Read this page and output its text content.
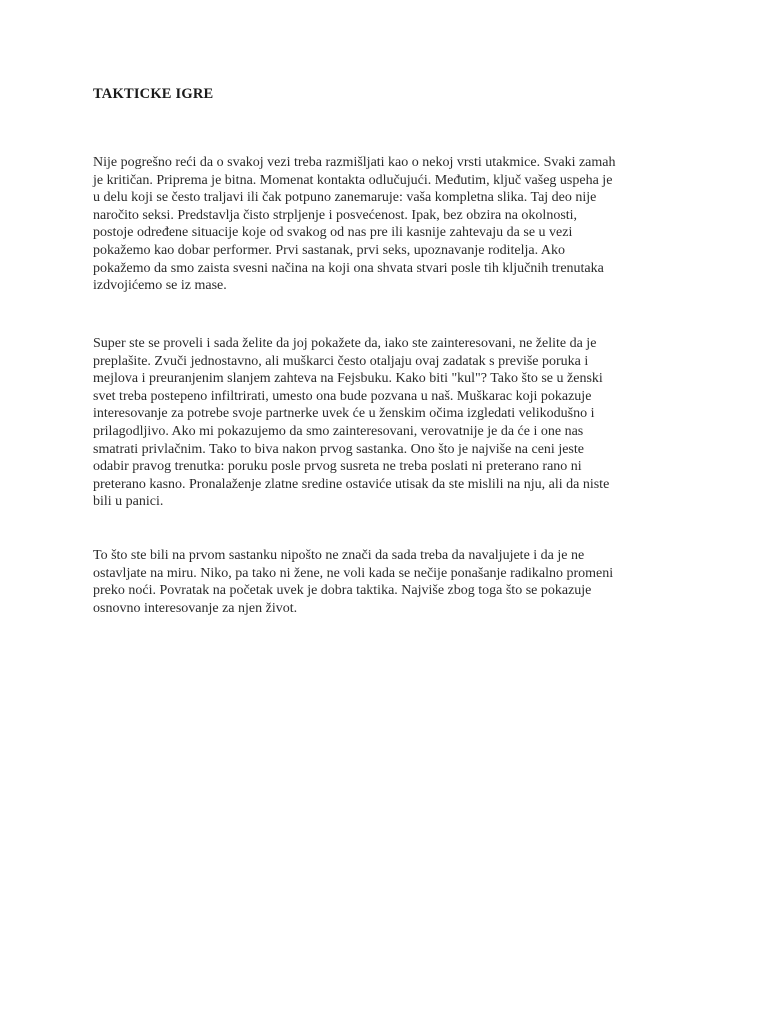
TAKTICKE IGRE

Nije pogrešno reći da o svakoj vezi treba razmišljati kao o nekoj vrsti utakmice. Svaki zamah
je kritičan. Priprema je bitna. Momenat kontakta odlučujući. Međutim, ključ vašeg uspeha je
u delu koji se često traljavi ili čak potpuno zanemaruje: vaša kompletna slika. Taj deo nije
naročito seksi. Predstavlja čisto strpljenje i posvećenost. Ipak, bez obzira na okolnosti,
postoje određene situacije koje od svakog od nas pre ili kasnije zahtevaju da se u vezi
pokažemo kao dobar performer. Prvi sastanak, prvi seks, upoznavanje roditelja. Ako
pokažemo da smo zaista svesni načina na koji ona shvata stvari posle tih ključnih trenutaka
izdvojićemo se iz mase.

Super ste se proveli i sada želite da joj pokažete da, iako ste zainteresovani, ne želite da je
preplašite. Zvuči jednostavno, ali muškarci često otaljaju ovaj zadatak s previše poruka i
mejlova i preuranjenim slanjem zahteva na Fejsbuku. Kako biti "kul"? Tako što se u ženski
svet treba postepeno infiltrirati, umesto ona bude pozvana u naš. Muškarac koji pokazuje
interesovanje za potrebe svoje partnerke uvek će u ženskim očima izgledati velikodušno i
prilagodljivo. Ako mi pokazujemo da smo zainteresovani, verovatnije je da će i one nas
smatrati privlačnim. Tako to biva nakon prvog sastanka. Ono što je najviše na ceni jeste
odabir pravog trenutka: poruku posle prvog susreta ne treba poslati ni preterano rano ni
preterano kasno. Pronalaženje zlatne sredine ostaviće utisak da ste mislili na nju, ali da niste
bili u panici.

To što ste bili na prvom sastanku nipošto ne znači da sada treba da navaljujete i da je ne
ostavljate na miru. Niko, pa tako ni žene, ne voli kada se nečije ponašanje radikalno promeni
preko noći. Povratak na početak uvek je dobra taktika. Najviše zbog toga što se pokazuje
osnovno interesovanje za njen život.
